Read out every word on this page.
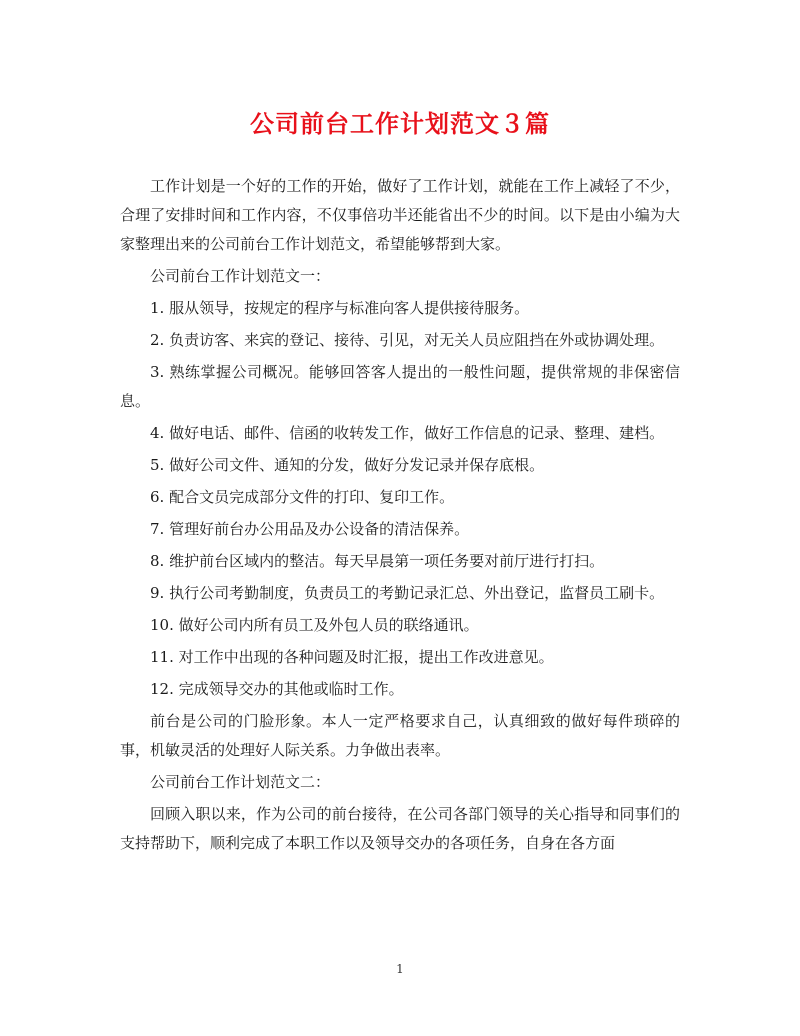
公司前台工作计划范文３篇

工作计划是一个好的工作的开始，做好了工作计划，就能在工作上减轻了不少，合理了安排时间和工作内容，不仅事倍功半还能省出不少的时间。以下是由小编为大家整理出来的公司前台工作计划范文，希望能够帮到大家。

公司前台工作计划范文一：

1. 服从领导，按规定的程序与标准向客人提供接待服务。

2. 负责访客、来宾的登记、接待、引见，对无关人员应阻挡在外或协调处理。

3. 熟练掌握公司概况。能够回答客人提出的一般性问题，提供常规的非保密信息。

4. 做好电话、邮件、信函的收转发工作，做好工作信息的记录、整理、建档。

5. 做好公司文件、通知的分发，做好分发记录并保存底根。

6. 配合文员完成部分文件的打印、复印工作。

7. 管理好前台办公用品及办公设备的清洁保养。

8. 维护前台区域内的整洁。每天早晨第一项任务要对前厅进行打扫。

9. 执行公司考勤制度，负责员工的考勤记录汇总、外出登记，监督员工刷卡。

10. 做好公司内所有员工及外包人员的联络通讯。

11. 对工作中出现的各种问题及时汇报，提出工作改进意见。

12. 完成领导交办的其他或临时工作。

前台是公司的门脸形象。本人一定严格要求自己，认真细致的做好每件琐碎的事，机敏灵活的处理好人际关系。力争做出表率。

公司前台工作计划范文二：

回顾入职以来，作为公司的前台接待，在公司各部门领导的关心指导和同事们的支持帮助下，顺利完成了本职工作以及领导交办的各项任务，自身在各方面

1
